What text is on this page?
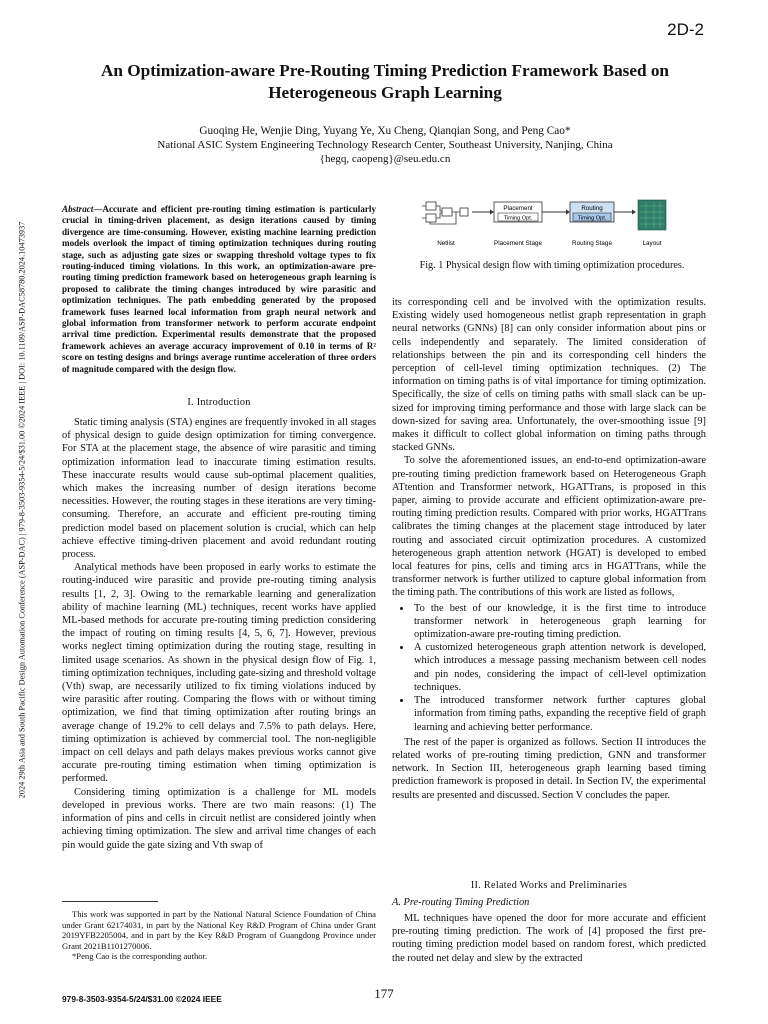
2D-2
2024 29th Asia and South Pacific Design Automation Conference (ASP-DAC) | 979-8-3503-9354-5/24/$31.00 ©2024 IEEE | DOI: 10.1109/ASP-DAC58780.2024.10473937
An Optimization-aware Pre-Routing Timing Prediction Framework Based on Heterogeneous Graph Learning
Guoqing He, Wenjie Ding, Yuyang Ye, Xu Cheng, Qianqian Song, and Peng Cao*
National ASIC System Engineering Technology Research Center, Southeast University, Nanjing, China
{hegq, caopeng}@seu.edu.cn
Abstract—Accurate and efficient pre-routing timing estimation is particularly crucial in timing-driven placement, as design iterations caused by timing divergence are time-consuming. However, existing machine learning prediction models overlook the impact of timing optimization techniques during routing stage, such as adjusting gate sizes or swapping threshold voltage types to fix routing-induced timing violations. In this work, an optimization-aware pre-routing timing prediction framework based on heterogeneous graph learning is proposed to calibrate the timing changes introduced by wire parasitic and optimization techniques. The path embedding generated by the proposed framework fuses learned local information from graph neural network and global information from transformer network to perform accurate endpoint arrival time prediction. Experimental results demonstrate that the proposed framework achieves an average accuracy improvement of 0.10 in terms of R² score on testing designs and brings average runtime acceleration of three orders of magnitude compared with the design flow.
I. Introduction

Static timing analysis (STA) engines are frequently invoked in all stages of physical design to guide design optimization for timing convergence. For STA at the placement stage, the absence of wire parasitic and timing optimization information lead to inaccurate timing estimation results. These inaccurate results would cause sub-optimal placement qualities, which makes the increasing number of design iterations become necessities. However, the routing stages in these iterations are very timing-consuming. Therefore, an accurate and efficient pre-routing timing prediction model based on placement solution is crucial, which can help achieve effective timing-driven placement and avoid redundant routing process.

Analytical methods have been proposed in early works to estimate the routing-induced wire parasitic and provide pre-routing timing analysis results [1, 2, 3]. Owing to the remarkable learning and generalization ability of machine learning (ML) techniques, recent works have applied ML-based methods for accurate pre-routing timing prediction considering the impact of routing on timing results [4, 5, 6, 7]. However, previous works neglect timing optimization during the routing stage, resulting in limited usage scenarios. As shown in the physical design flow of Fig. 1, timing optimization techniques, including gate-sizing and threshold voltage (Vth) swap, are necessarily utilized to fix timing violations induced by wire parasitic after routing. Comparing the flows with or without timing optimization, we find that timing optimization after routing brings an average change of 19.2% to cell delays and 7.5% to path delays. Here, timing optimization is achieved by commercial tool. The non-negligible impact on cell delays and path delays makes previous works cannot give accurate pre-routing timing estimation when timing optimization is performed.

Considering timing optimization is a challenge for ML models developed in previous works. There are two main reasons: (1) The information of pins and cells in circuit netlist are considered jointly when achieving timing optimization. The slew and arrival time changes of each pin would guide the gate sizing and Vth swap of

This work was supported in part by the National Natural Science Foundation of China under Grant 62174031, in part by the National Key R&D Program of China under Grant 2019YFB2205004, and in part by the Key R&D Program of Guangdong Province under Grant 2021B1101270006.

*Peng Cao is the corresponding author.

979-8-3503-9354-5/24/$31.00 ©2024 IEEE	177
Placement
Timing Opt.
Routing
Timing Opt.
Netlist	Placement Stage	Routing Stage	Layout
Fig. 1 Physical design flow with timing optimization procedures.

its corresponding cell and be involved with the optimization results. Existing widely used homogeneous netlist graph representation in graph neural networks (GNNs) [8] can only consider information about pins or cells independently and separately. The limited consideration of relationships between the pin and its corresponding cell hinders the perception of cell-level timing optimization techniques. (2) The information on timing paths is of vital importance for timing optimization. Specifically, the size of cells on timing paths with small slack can be up-sized for improving timing performance and those with large slack can be down-sized for saving area. Unfortunately, the over-smoothing issue [9] makes it difficult to collect global information on timing paths through stacked GNNs.

To solve the aforementioned issues, an end-to-end optimization-aware pre-routing timing prediction framework based on Heterogeneous Graph ATtention and Transformer network, HGATTrans, is proposed in this paper, aiming to provide accurate and efficient optimization-aware pre-routing timing prediction results. Compared with prior works, HGATTrans calibrates the timing changes at the placement stage introduced by later routing and associated circuit optimization procedures. A customized heterogeneous graph attention network (HGAT) is developed to embed local features for pins, cells and timing arcs in HGATTrans, while the transformer network is further utilized to capture global information from the timing path. The contributions of this work are listed as follows,

• To the best of our knowledge, it is the first time to introduce transformer network in heterogeneous graph learning for optimization-aware pre-routing timing prediction.
• A customized heterogeneous graph attention network is developed, which introduces a message passing mechanism between cell nodes and pin nodes, considering the impact of cell-level optimization techniques.
• The introduced transformer network further captures global information from timing paths, expanding the receptive field of graph learning and achieving better performance.

The rest of the paper is organized as follows. Section II introduces the related works of pre-routing timing prediction, GNN and transformer network. In Section III, heterogeneous graph learning based timing prediction framework is proposed in detail. In Section IV, the experimental results are presented and discussed. Section V concludes the paper.

II. Related Works and Preliminaries
A. Pre-routing Timing Prediction

ML techniques have opened the door for more accurate and efficient pre-routing timing prediction. The work of [4] proposed the first pre-routing timing prediction model based on random forest, which predicted the routed net delay and slew by the extracted
